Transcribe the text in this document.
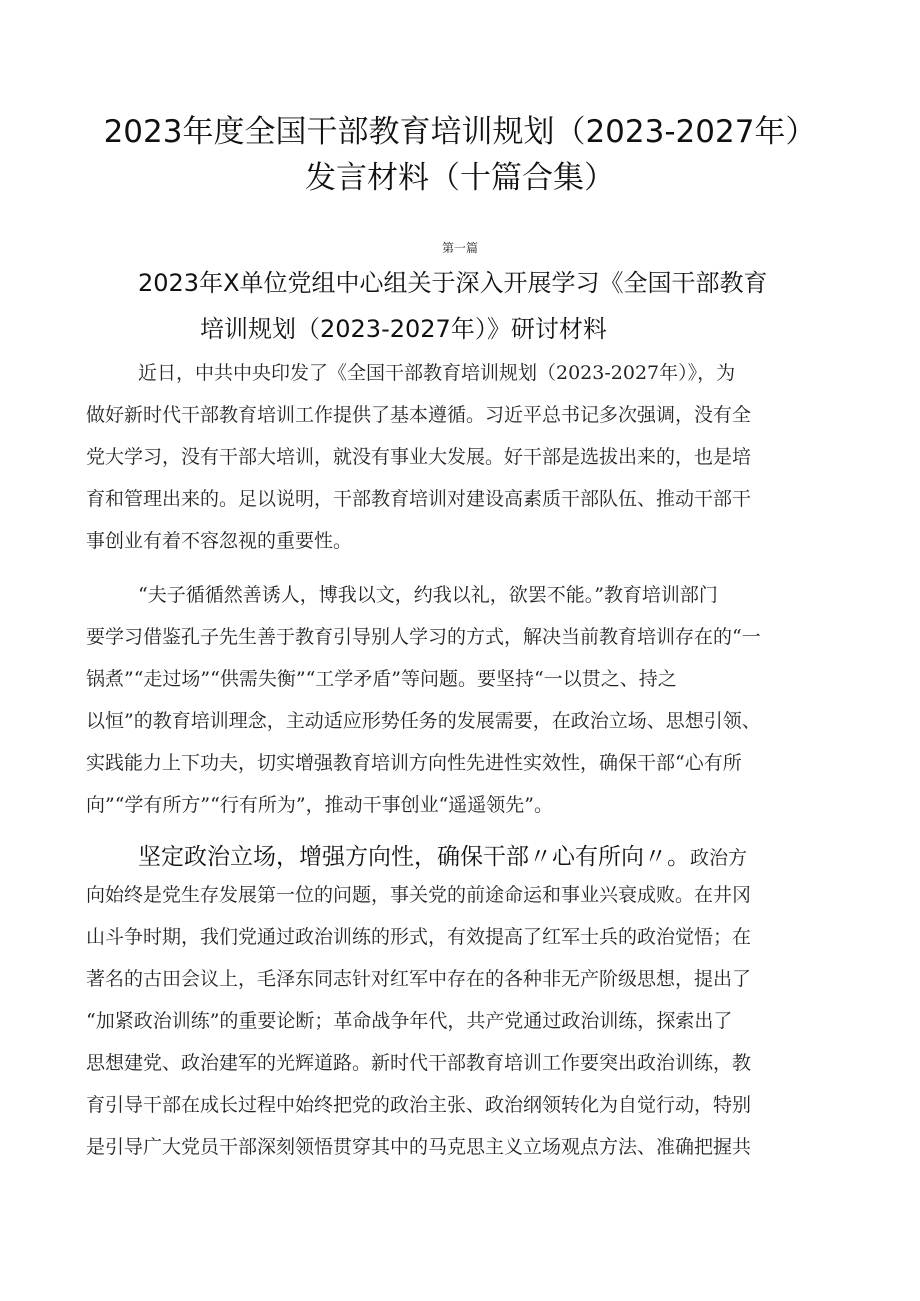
2023年度全国干部教育培训规划（2023-2027年）
发言材料（十篇合集）
第一篇
2023年X单位党组中心组关于深入开展学习《全国干部教育
培训规划（2023-2027年）》研讨材料
近日，中共中央印发了《全国干部教育培训规划（2023-2027年）》，为
做好新时代干部教育培训工作提供了基本遵循。习近平总书记多次强调，没有全
党大学习，没有干部大培训，就没有事业大发展。好干部是选拔出来的，也是培
育和管理出来的。足以说明，干部教育培训对建设高素质干部队伍、推动干部干
事创业有着不容忽视的重要性。
“夫子循循然善诱人，博我以文，约我以礼，欲罢不能。”教育培训部门
要学习借鉴孔子先生善于教育引导别人学习的方式，解决当前教育培训存在的“一
锅煮”“走过场”“供需失衡”“工学矛盾”等问题。要坚持“一以贯之、持之
以恒”的教育培训理念，主动适应形势任务的发展需要，在政治立场、思想引领、
实践能力上下功夫，切实增强教育培训方向性先进性实效性，确保干部“心有所
向”“学有所方”“行有所为”，推动干事创业“遥遥领先”。
坚定政治立场，增强方向性，确保干部〃心有所向〃。政治方
向始终是党生存发展第一位的问题，事关党的前途命运和事业兴衰成败。在井冈
山斗争时期，我们党通过政治训练的形式，有效提高了红军士兵的政治觉悟；在
著名的古田会议上，毛泽东同志针对红军中存在的各种非无产阶级思想，提出了
“加紧政治训练”的重要论断；革命战争年代，共产党通过政治训练，探索出了
思想建党、政治建军的光辉道路。新时代干部教育培训工作要突出政治训练，教
育引导干部在成长过程中始终把党的政治主张、政治纲领转化为自觉行动，特别
是引导广大党员干部深刻领悟贯穿其中的马克思主义立场观点方法、准确把握共
